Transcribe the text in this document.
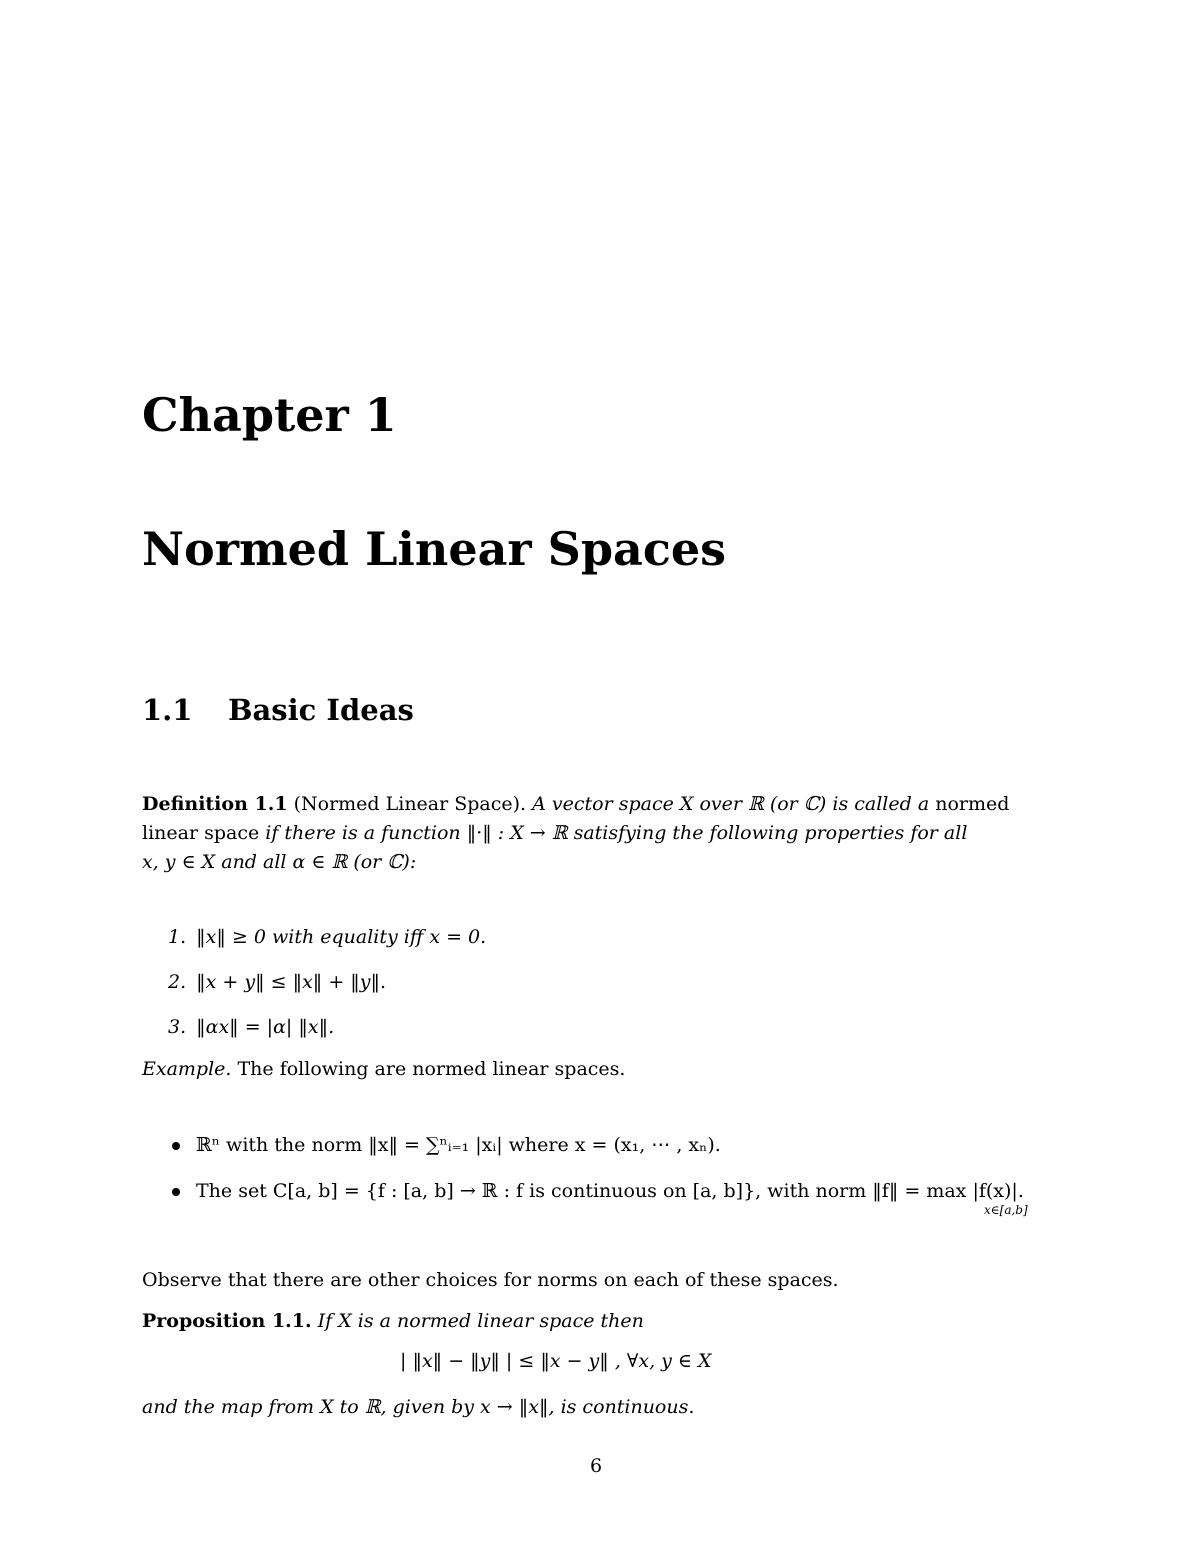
Chapter 1
Normed Linear Spaces
1.1 Basic Ideas
Definition 1.1 (Normed Linear Space). A vector space X over ℝ (or ℂ) is called a normed
linear space if there is a function ‖·‖ : X → ℝ satisfying the following properties for all
x, y ∈ X and all α ∈ ℝ (or ℂ):
1. ‖x‖ ≥ 0 with equality iff x = 0.
2. ‖x + y‖ ≤ ‖x‖ + ‖y‖.
3. ‖αx‖ = |α| ‖x‖.
Example. The following are normed linear spaces.
ℝⁿ with the norm ‖x‖ = ∑ⁿᵢ₌₁ |xᵢ| where x = (x₁, ⋯ , xₙ).
The set C[a, b] = {f : [a, b] → ℝ : f is continuous on [a, b]}, with norm ‖f‖ = max |f(x)|.
x∈[a,b]
Observe that there are other choices for norms on each of these spaces.
Proposition 1.1. If X is a normed linear space then
| ‖x‖ − ‖y‖ | ≤ ‖x − y‖ , ∀x, y ∈ X
and the map from X to ℝ, given by x → ‖x‖, is continuous.
6
